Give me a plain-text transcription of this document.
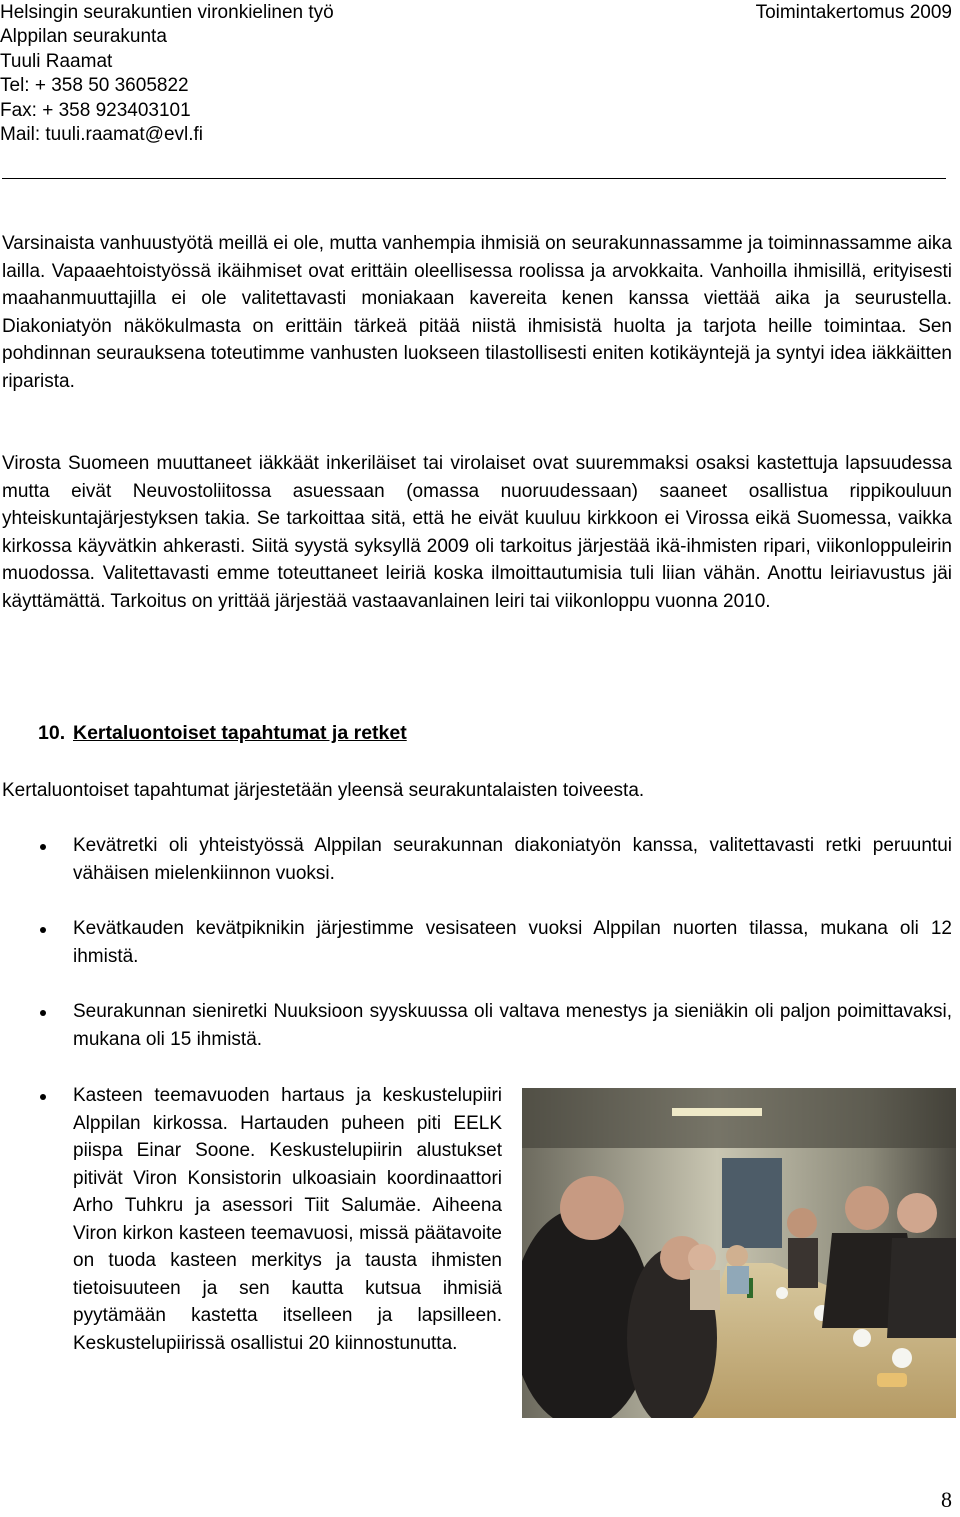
Helsingin seurakuntien vironkielinen työ	Toimintakertomus 2009
Alppilan seurakunta
Tuuli Raamat
Tel: + 358 50 3605822
Fax: + 358 923403101
Mail: tuuli.raamat@evl.fi

Varsinaista vanhuustyötä meillä ei ole, mutta vanhempia ihmisiä on seurakunnassamme ja toiminnassamme aika lailla. Vapaaehtoistyössä ikäihmiset ovat erittäin oleellisessa roolissa ja arvokkaita. Vanhoilla ihmisillä, erityisesti maahanmuuttajilla ei ole valitettavasti moniakaan kavereita kenen kanssa viettää aika ja seurustella. Diakoniatyön näkökulmasta on erittäin tärkeä pitää niistä ihmisistä huolta ja tarjota heille toimintaa. Sen pohdinnan seurauksena toteutimme vanhusten luokseen tilastollisesti eniten kotikäyntejä ja syntyi idea iäkkäitten riparista.

Virosta Suomeen muuttaneet iäkkäät inkeriläiset tai virolaiset ovat suuremmaksi osaksi kastettuja lapsuudessa mutta eivät Neuvostoliitossa asuessaan (omassa nuoruudessaan) saaneet osallistua rippikouluun yhteiskuntajärjestyksen takia. Se tarkoittaa sitä, että he eivät kuuluu kirkkoon ei Virossa eikä Suomessa, vaikka kirkossa käyvätkin ahkerasti. Siitä syystä syksyllä 2009 oli tarkoitus järjestää ikä-ihmisten ripari, viikonloppuleirin muodossa. Valitettavasti emme toteuttaneet leiriä koska ilmoittautumisia tuli liian vähän. Anottu leiriavustus jäi käyttämättä. Tarkoitus on yrittää järjestää vastaavanlainen leiri tai viikonloppu vuonna 2010.

10. Kertaluontoiset tapahtumat ja retket

Kertaluontoiset tapahtumat järjestetään yleensä seurakuntalaisten toiveesta.

Kevätretki oli yhteistyössä Alppilan seurakunnan diakoniatyön kanssa, valitettavasti retki peruuntui vähäisen mielenkiinnon vuoksi.

Kevätkauden kevätpiknikin järjestimme vesisateen vuoksi Alppilan nuorten tilassa, mukana oli 12 ihmistä.

Seurakunnan sieniretki Nuuksioon syyskuussa oli valtava menestys ja sieniäkin oli paljon poimittavaksi, mukana oli 15 ihmistä.

Kasteen teemavuoden hartaus ja keskustelupiiri Alppilan kirkossa. Hartauden puheen piti EELK piispa Einar Soone. Keskustelupiirin alustukset pitivät Viron Konsistorin ulkoasiain koordinaattori Arho Tuhkru ja asessori Tiit Salumäe. Aiheena Viron kirkon kasteen teemavuosi, missä päätavoite on tuoda kasteen merkitys ja tausta ihmisten tietoisuuteen ja sen kautta kutsua ihmisiä pyytämään kastetta itselleen ja lapsilleen. Keskustelupiirissä osallistui 20 kiinnostunutta.

8
